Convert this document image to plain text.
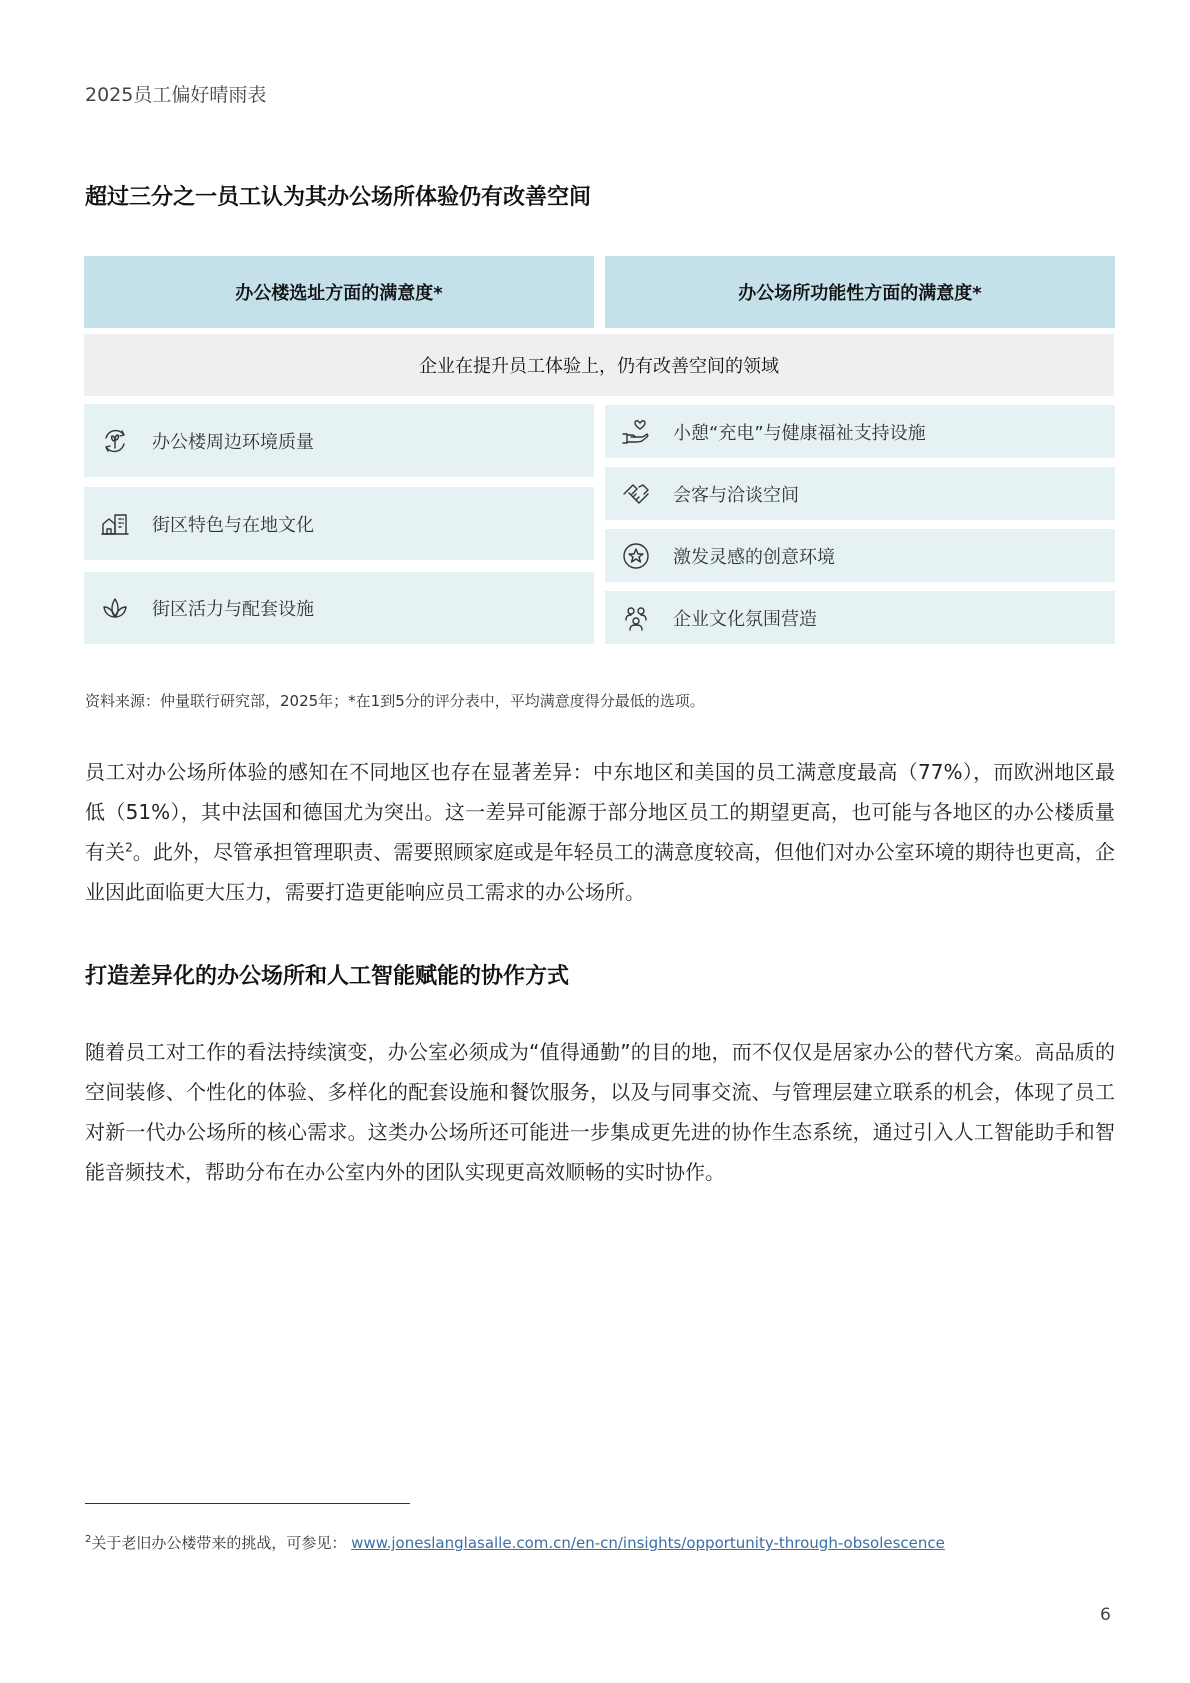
2025员工偏好晴雨表
超过三分之一员工认为其办公场所体验仍有改善空间
办公楼选址方面的满意度*	办公场所功能性方面的满意度*
企业在提升员工体验上，仍有改善空间的领域
办公楼周边环境质量
街区特色与在地文化
街区活力与配套设施
小憩“充电”与健康福祉支持设施
会客与洽谈空间
激发灵感的创意环境
企业文化氛围营造
资料来源：仲量联行研究部，2025年；*在1到5分的评分表中，平均满意度得分最低的选项。

员工对办公场所体验的感知在不同地区也存在显著差异：中东地区和美国的员工满意度最高（77%），而欧洲地区最低（51%），其中法国和德国尤为突出。这一差异可能源于部分地区员工的期望更高，也可能与各地区的办公楼质量有关$^2$。此外，尽管承担管理职责、需要照顾家庭或是年轻员工的满意度较高，但他们对办公室环境的期待也更高，企业因此面临更大压力，需要打造更能响应员工需求的办公场所。

打造差异化的办公场所和人工智能赋能的协作方式

随着员工对工作的看法持续演变，办公室必须成为“值得通勤”的目的地，而不仅仅是居家办公的替代方案。高品质的空间装修、个性化的体验、多样化的配套设施和餐饮服务，以及与同事交流、与管理层建立联系的机会，体现了员工对新一代办公场所的核心需求。这类办公场所还可能进一步集成更先进的协作生态系统，通过引入人工智能助手和智能音频技术，帮助分布在办公室内外的团队实现更高效顺畅的实时协作。

$^2$关于老旧办公楼带来的挑战，可参见： www.joneslanglasalle.com.cn/en-cn/insights/opportunity-through-obsolescence
6
